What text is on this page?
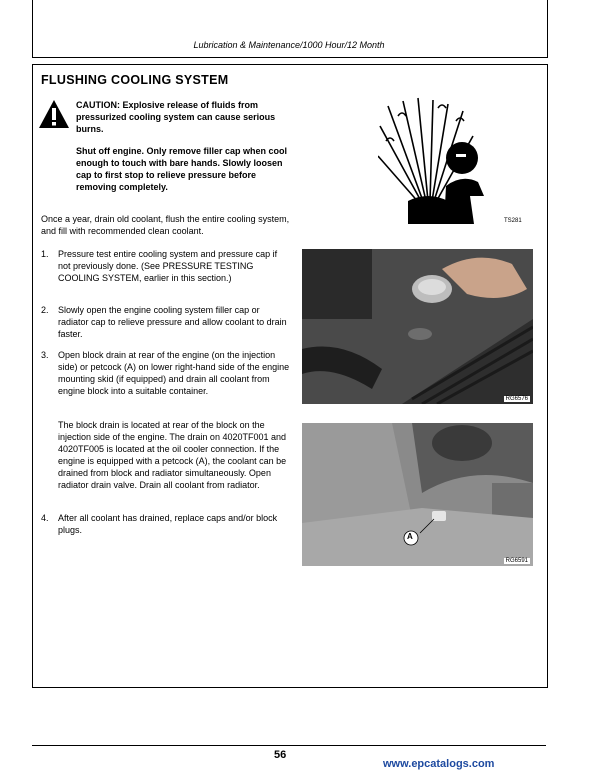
Lubrication & Maintenance/1000 Hour/12 Month
FLUSHING COOLING SYSTEM

CAUTION: Explosive release of fluids from pressurized cooling system can cause serious burns.

Shut off engine. Only remove filler cap when cool enough to touch with bare hands. Slowly loosen cap to first stop to relieve pressure before removing completely.

Once a year, drain old coolant, flush the entire cooling system, and fill with recommended clean coolant.
1. Pressure test entire cooling system and pressure cap if not previously done. (See PRESSURE TESTING COOLING SYSTEM, earlier in this section.)
2. Slowly open the engine cooling system filler cap or radiator cap to relieve pressure and allow coolant to drain faster.
3. Open block drain at rear of the engine (on the injection side) or petcock (A) on lower right-hand side of the engine mounting skid (if equipped) and drain all coolant from engine block into a suitable container.
The block drain is located at rear of the block on the injection side of the engine. The drain on 4020TF001 and 4020TF005 is located at the oil cooler connection. If the engine is equipped with a petcock (A), the coolant can be drained from block and radiator simultaneously. Open radiator drain valve. Drain all coolant from radiator.
4. After all coolant has drained, replace caps and/or block plugs.
TS281
RG6576
A
RG6591
56
www.epcatalogs.com
